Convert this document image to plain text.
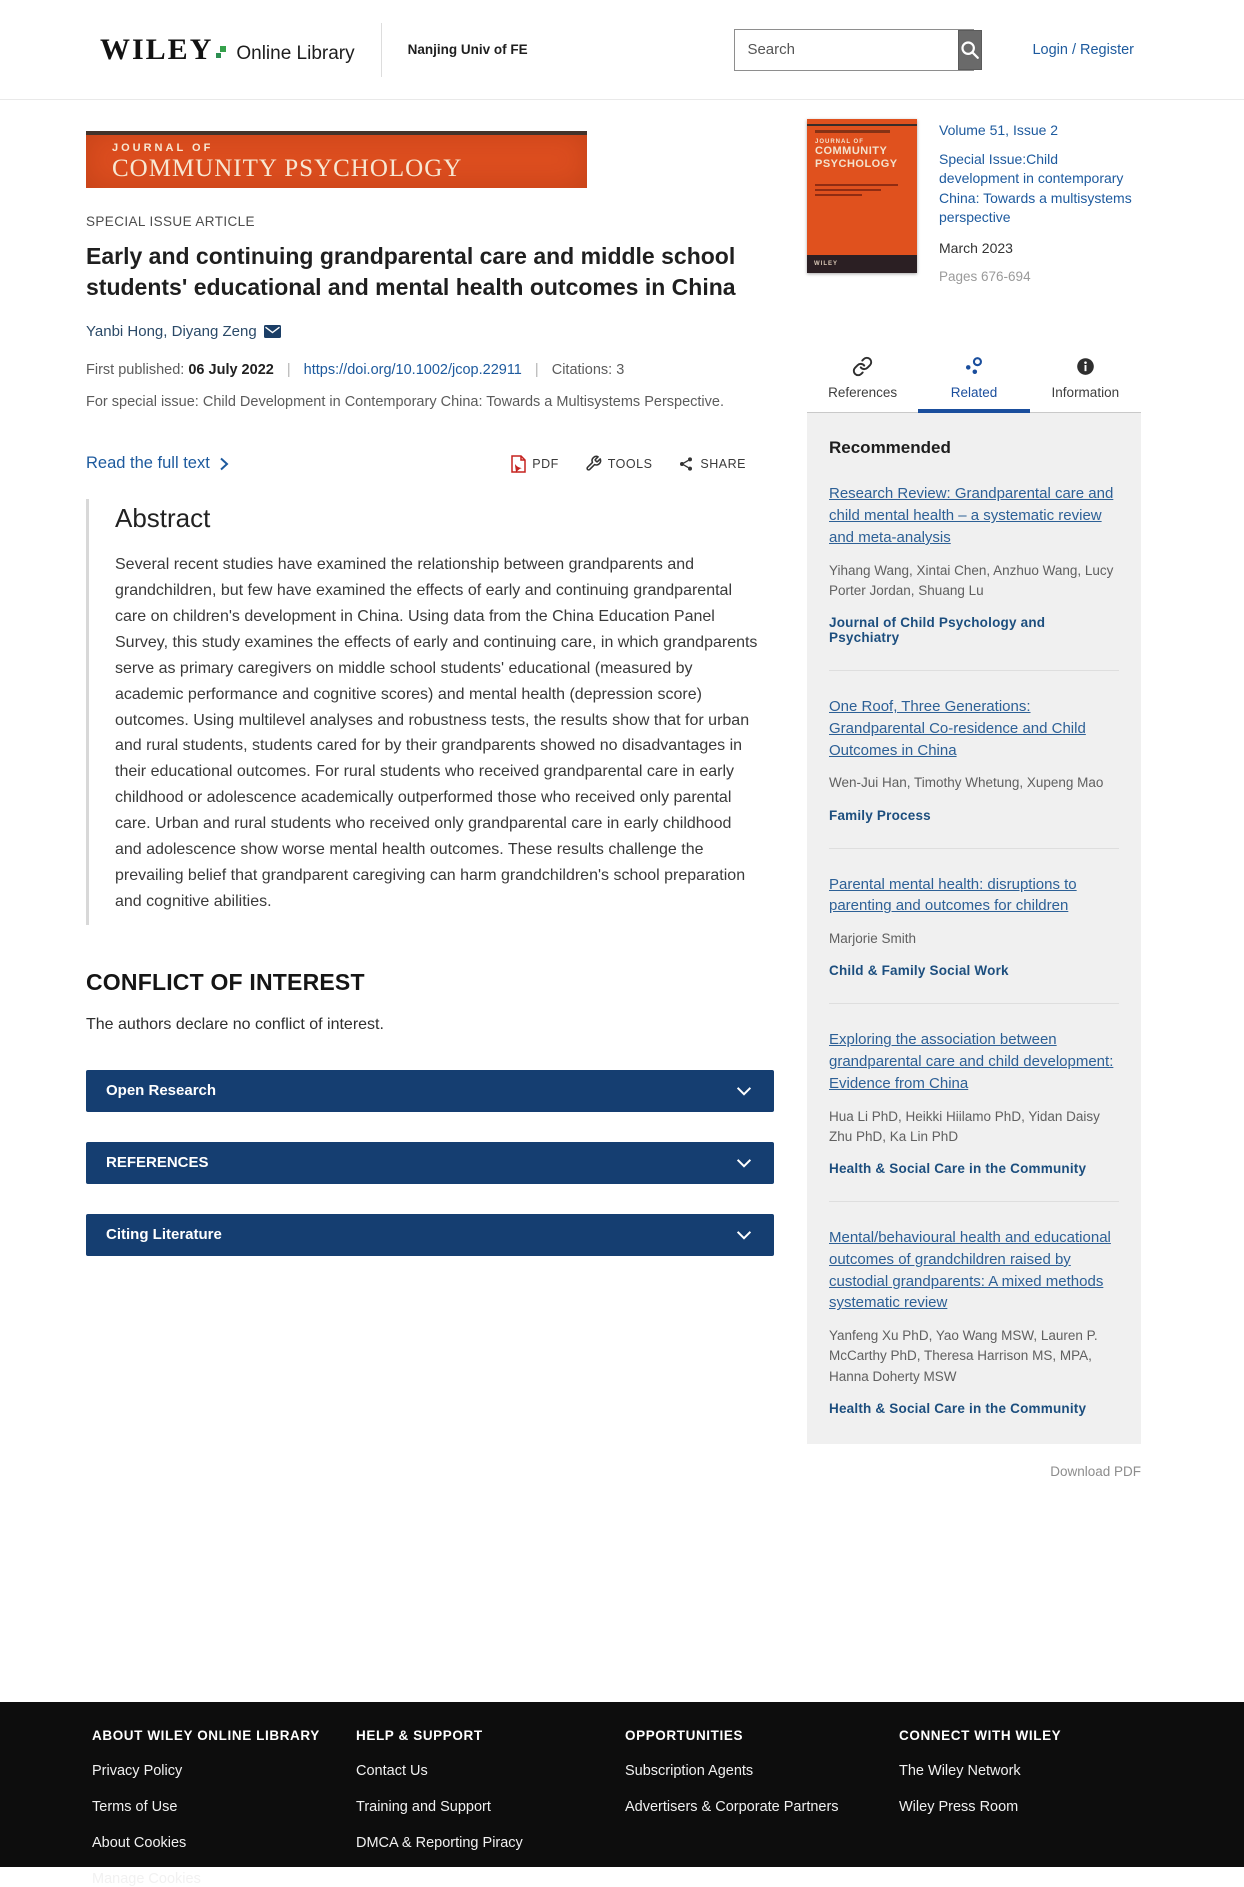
WILEY Online Library	Nanjing Univ of FE
Search	Login / Register
JOURNAL OF
COMMUNITY PSYCHOLOGY
SPECIAL ISSUE ARTICLE
Early and continuing grandparental care and middle school students' educational and mental health outcomes in China
Yanbi Hong, Diyang Zeng
First published: 06 July 2022 | https://doi.org/10.1002/jcop.22911 | Citations: 3
For special issue: Child Development in Contemporary China: Towards a Multisystems Perspective.
Read the full text	PDF	TOOLS	SHARE
Abstract

Several recent studies have examined the relationship between grandparents and grandchildren, but few have examined the effects of early and continuing grandparental care on children's development in China. Using data from the China Education Panel Survey, this study examines the effects of early and continuing care, in which grandparents serve as primary caregivers on middle school students' educational (measured by academic performance and cognitive scores) and mental health (depression score) outcomes. Using multilevel analyses and robustness tests, the results show that for urban and rural students, students cared for by their grandparents showed no disadvantages in their educational outcomes. For rural students who received grandparental care in early childhood or adolescence academically outperformed those who received only parental care. Urban and rural students who received only grandparental care in early childhood and adolescence show worse mental health outcomes. These results challenge the prevailing belief that grandparent caregiving can harm grandchildren's school preparation and cognitive abilities.

CONFLICT OF INTEREST

The authors declare no conflict of interest.

Open Research
REFERENCES
Citing Literature
JOURNAL OF
COMMUNITY
PSYCHOLOGY
WILEY
Volume 51, Issue 2
Special Issue:Child development in contemporary China: Towards a multisystems perspective
March 2023
Pages 676-694
References	Related	Information
Recommended
Research Review: Grandparental care and child mental health – a systematic review and meta-analysis
Yihang Wang, Xintai Chen, Anzhuo Wang, Lucy Porter Jordan, Shuang Lu
Journal of Child Psychology and Psychiatry
One Roof, Three Generations: Grandparental Co-residence and Child Outcomes in China
Wen-Jui Han, Timothy Whetung, Xupeng Mao
Family Process
Parental mental health: disruptions to parenting and outcomes for children
Marjorie Smith
Child & Family Social Work
Exploring the association between grandparental care and child development: Evidence from China
Hua Li PhD, Heikki Hiilamo PhD, Yidan Daisy Zhu PhD, Ka Lin PhD
Health & Social Care in the Community
Mental/behavioural health and educational outcomes of grandchildren raised by custodial grandparents: A mixed methods systematic review
Yanfeng Xu PhD, Yao Wang MSW, Lauren P. McCarthy PhD, Theresa Harrison MS, MPA, Hanna Doherty MSW
Health & Social Care in the Community
Download PDF
ABOUT WILEY ONLINE LIBRARY
Privacy Policy
Terms of Use
About Cookies
Manage Cookies
HELP & SUPPORT
Contact Us
Training and Support
DMCA & Reporting Piracy
OPPORTUNITIES
Subscription Agents
Advertisers & Corporate Partners
CONNECT WITH WILEY
The Wiley Network
Wiley Press Room
